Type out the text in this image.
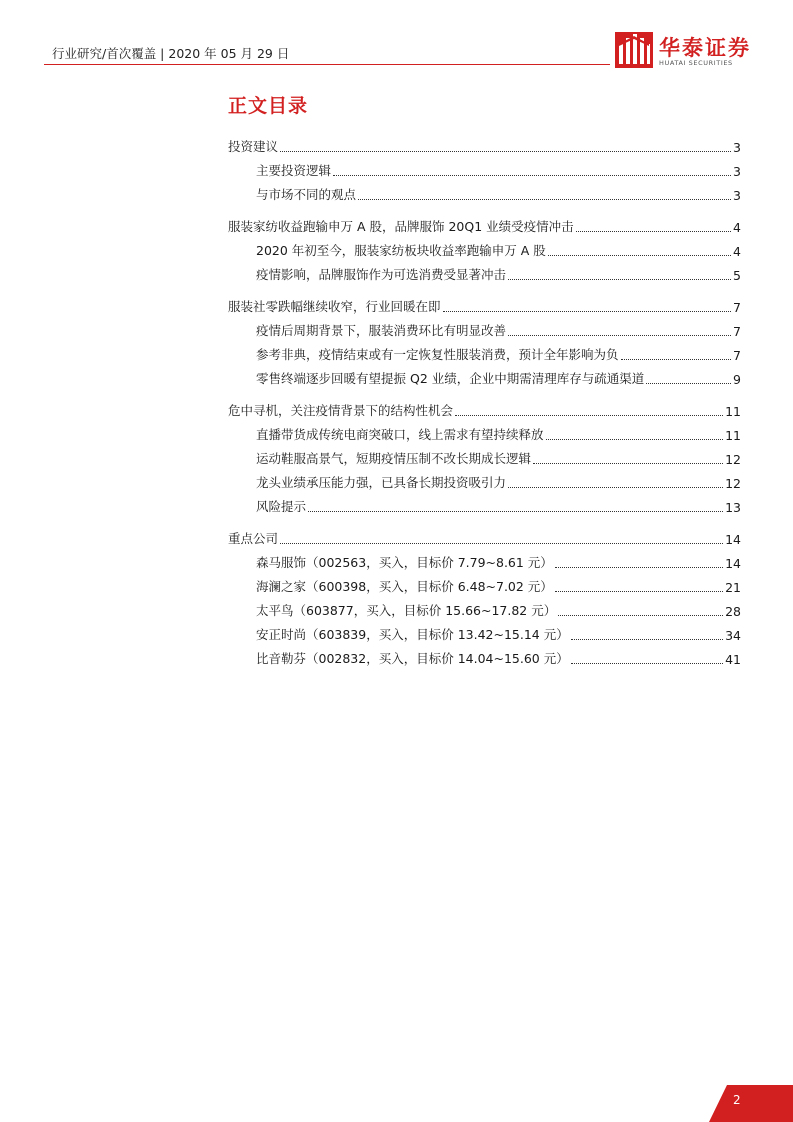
行业研究/首次覆盖 | 2020 年 05 月 29 日	华泰证券
HUATAI SECURITIES
正文目录
投资建议	3
主要投资逻辑	3
与市场不同的观点	3
服装家纺收益跑输申万 A 股，品牌服饰 20Q1 业绩受疫情冲击	4
2020 年初至今，服装家纺板块收益率跑输申万 A 股	4
疫情影响，品牌服饰作为可选消费受显著冲击	5
服装社零跌幅继续收窄，行业回暖在即	7
疫情后周期背景下，服装消费环比有明显改善	7
参考非典，疫情结束或有一定恢复性服装消费，预计全年影响为负	7
零售终端逐步回暖有望提振 Q2 业绩，企业中期需清理库存与疏通渠道	9
危中寻机，关注疫情背景下的结构性机会	11
直播带货成传统电商突破口，线上需求有望持续释放	11
运动鞋服高景气，短期疫情压制不改长期成长逻辑	12
龙头业绩承压能力强，已具备长期投资吸引力	12
风险提示	13
重点公司	14
森马服饰（002563，买入，目标价 7.79~8.61 元）	14
海澜之家（600398，买入，目标价 6.48~7.02 元）	21
太平鸟（603877，买入，目标价 15.66~17.82 元）	28
安正时尚（603839，买入，目标价 13.42~15.14 元）	34
比音勒芬（002832，买入，目标价 14.04~15.60 元）	41
2
